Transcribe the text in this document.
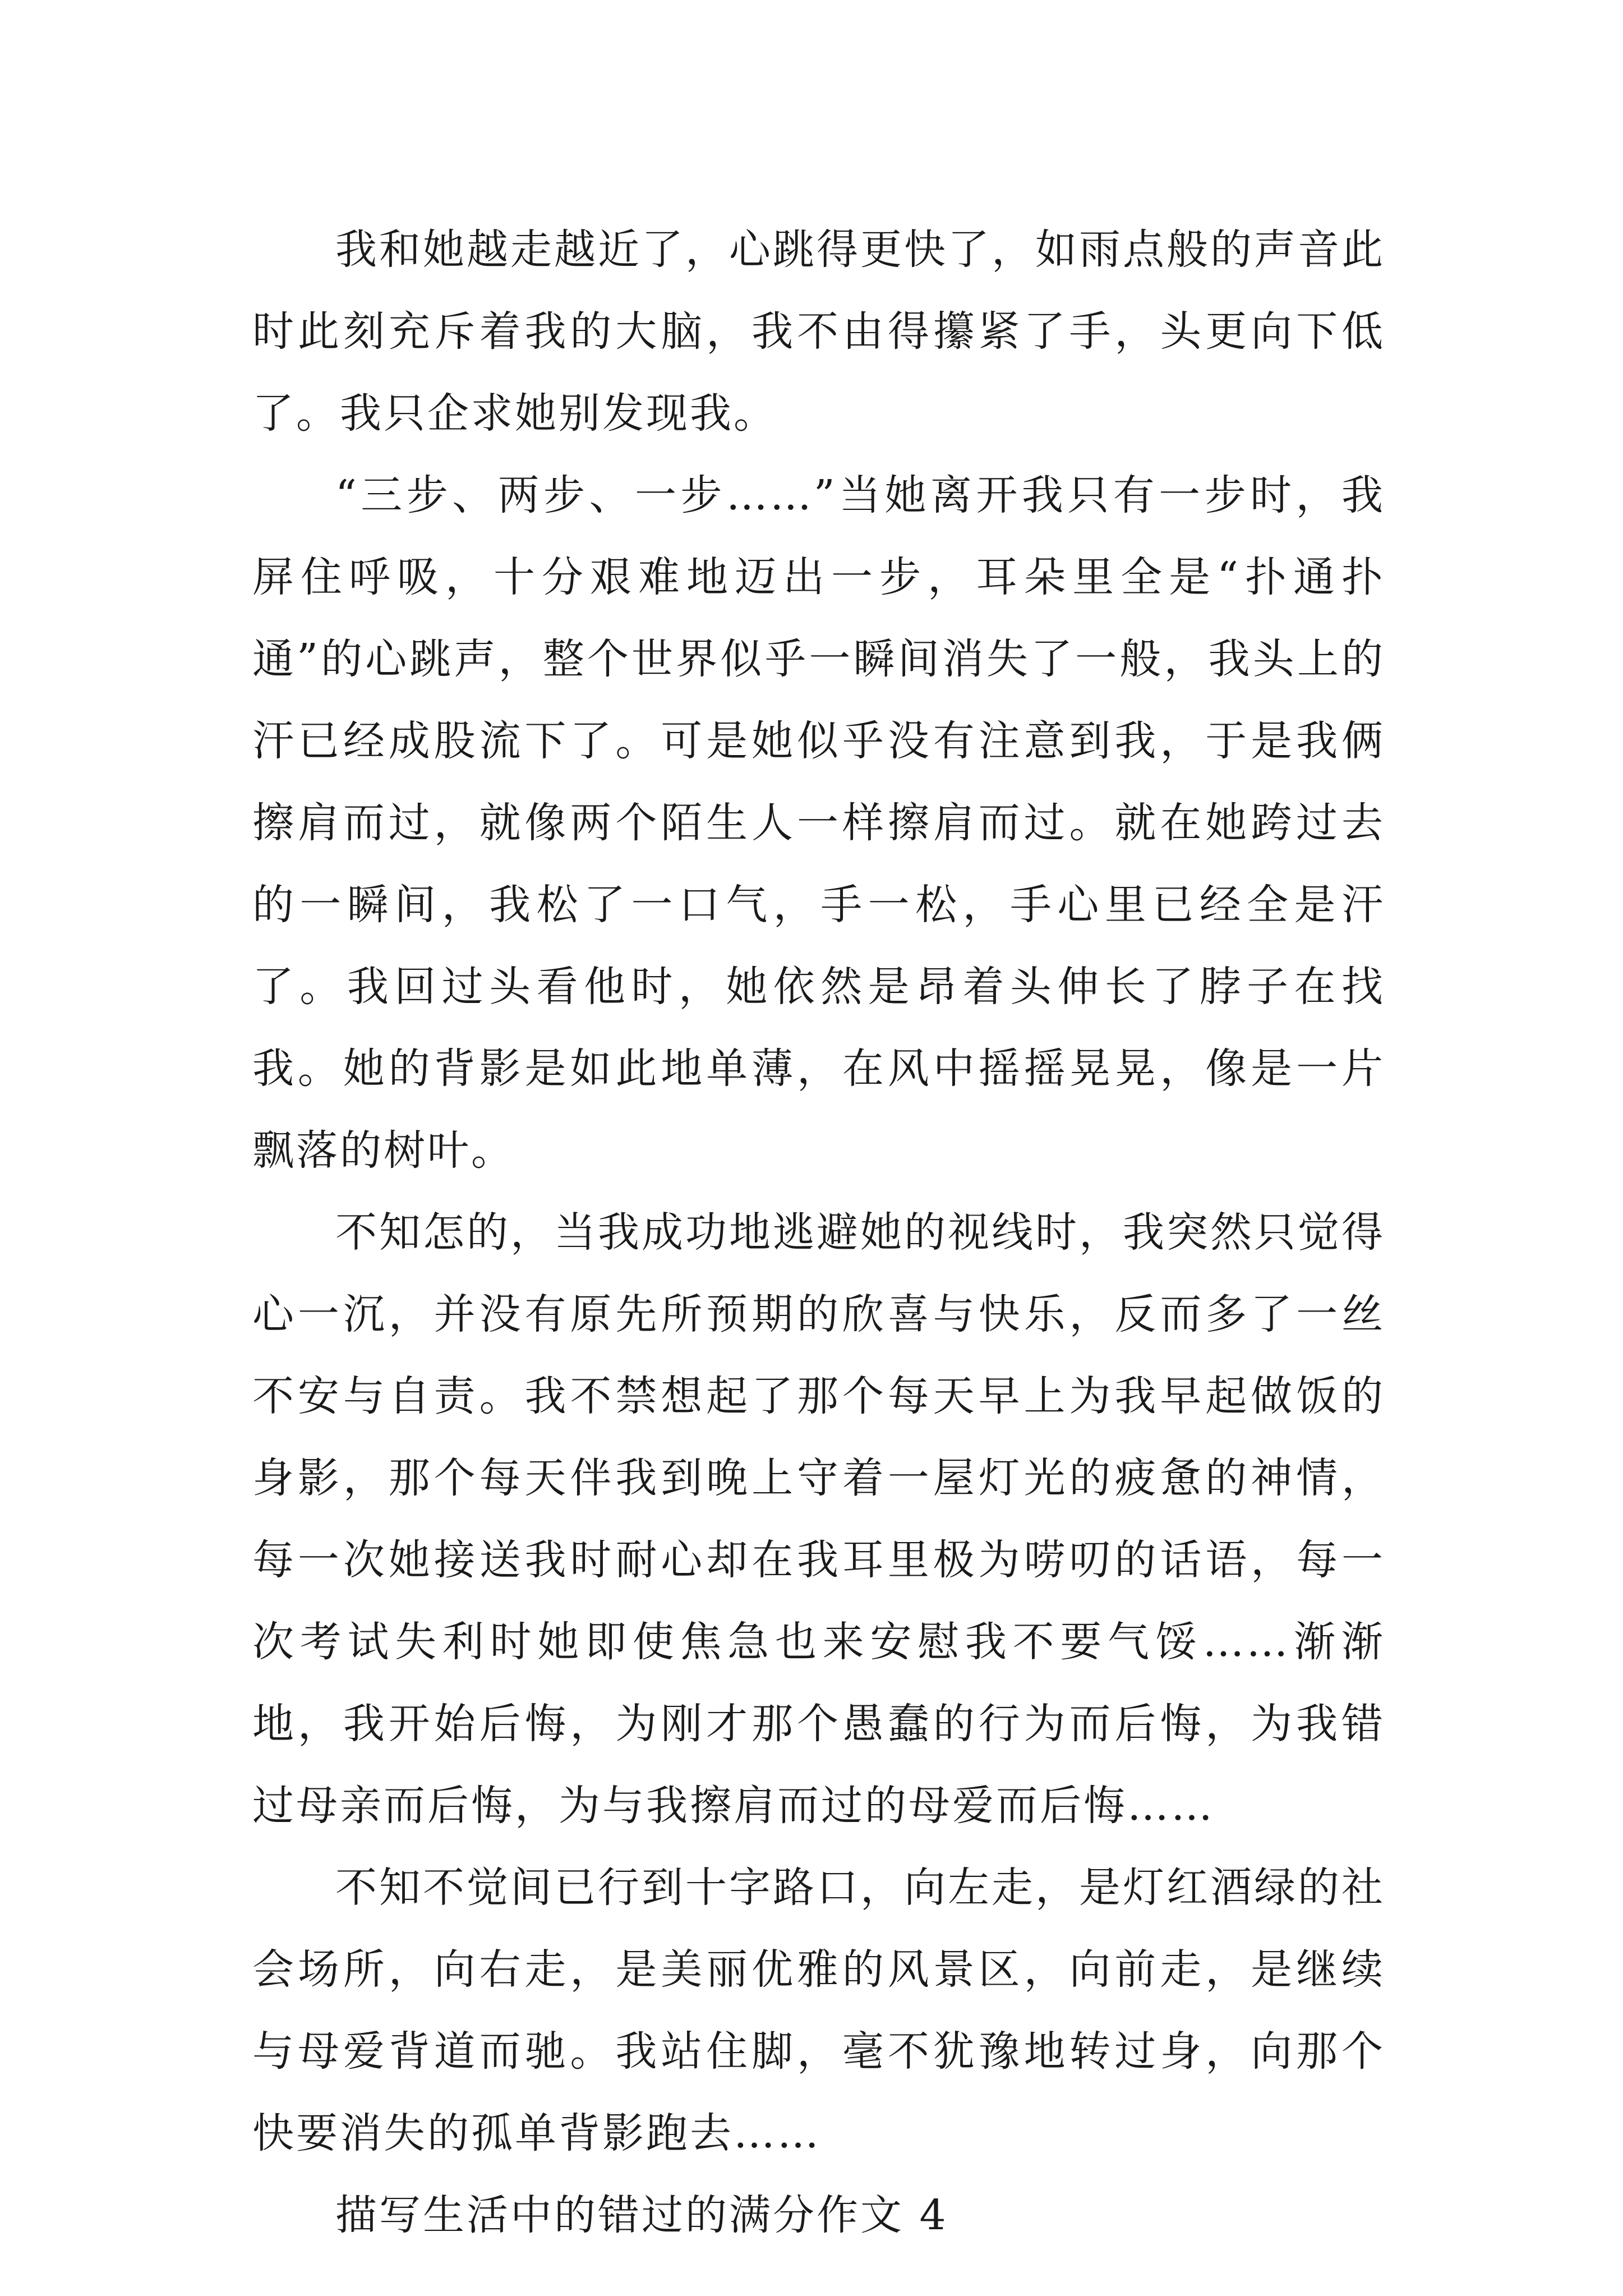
我和她越走越近了，心跳得更快了，如雨点般的声音此时此刻充斥着我的大脑，我不由得攥紧了手，头更向下低了。我只企求她别发现我。

“三步、两步、一步……”当她离开我只有一步时，我屏住呼吸，十分艰难地迈出一步，耳朵里全是“扑通扑通”的心跳声，整个世界似乎一瞬间消失了一般，我头上的汗已经成股流下了。可是她似乎没有注意到我，于是我俩擦肩而过，就像两个陌生人一样擦肩而过。就在她跨过去的一瞬间，我松了一口气，手一松，手心里已经全是汗了。我回过头看他时，她依然是昂着头伸长了脖子在找我。她的背影是如此地单薄，在风中摇摇晃晃，像是一片飘落的树叶。

不知怎的，当我成功地逃避她的视线时，我突然只觉得心一沉，并没有原先所预期的欣喜与快乐，反而多了一丝不安与自责。我不禁想起了那个每天早上为我早起做饭的身影，那个每天伴我到晚上守着一屋灯光的疲惫的神情，每一次她接送我时耐心却在我耳里极为唠叨的话语，每一次考试失利时她即使焦急也来安慰我不要气馁……渐渐地，我开始后悔，为刚才那个愚蠢的行为而后悔，为我错过母亲而后悔，为与我擦肩而过的母爱而后悔……

不知不觉间已行到十字路口，向左走，是灯红酒绿的社会场所，向右走，是美丽优雅的风景区，向前走，是继续与母爱背道而驰。我站住脚，毫不犹豫地转过身，向那个快要消失的孤单背影跑去……

描写生活中的错过的满分作文 4
